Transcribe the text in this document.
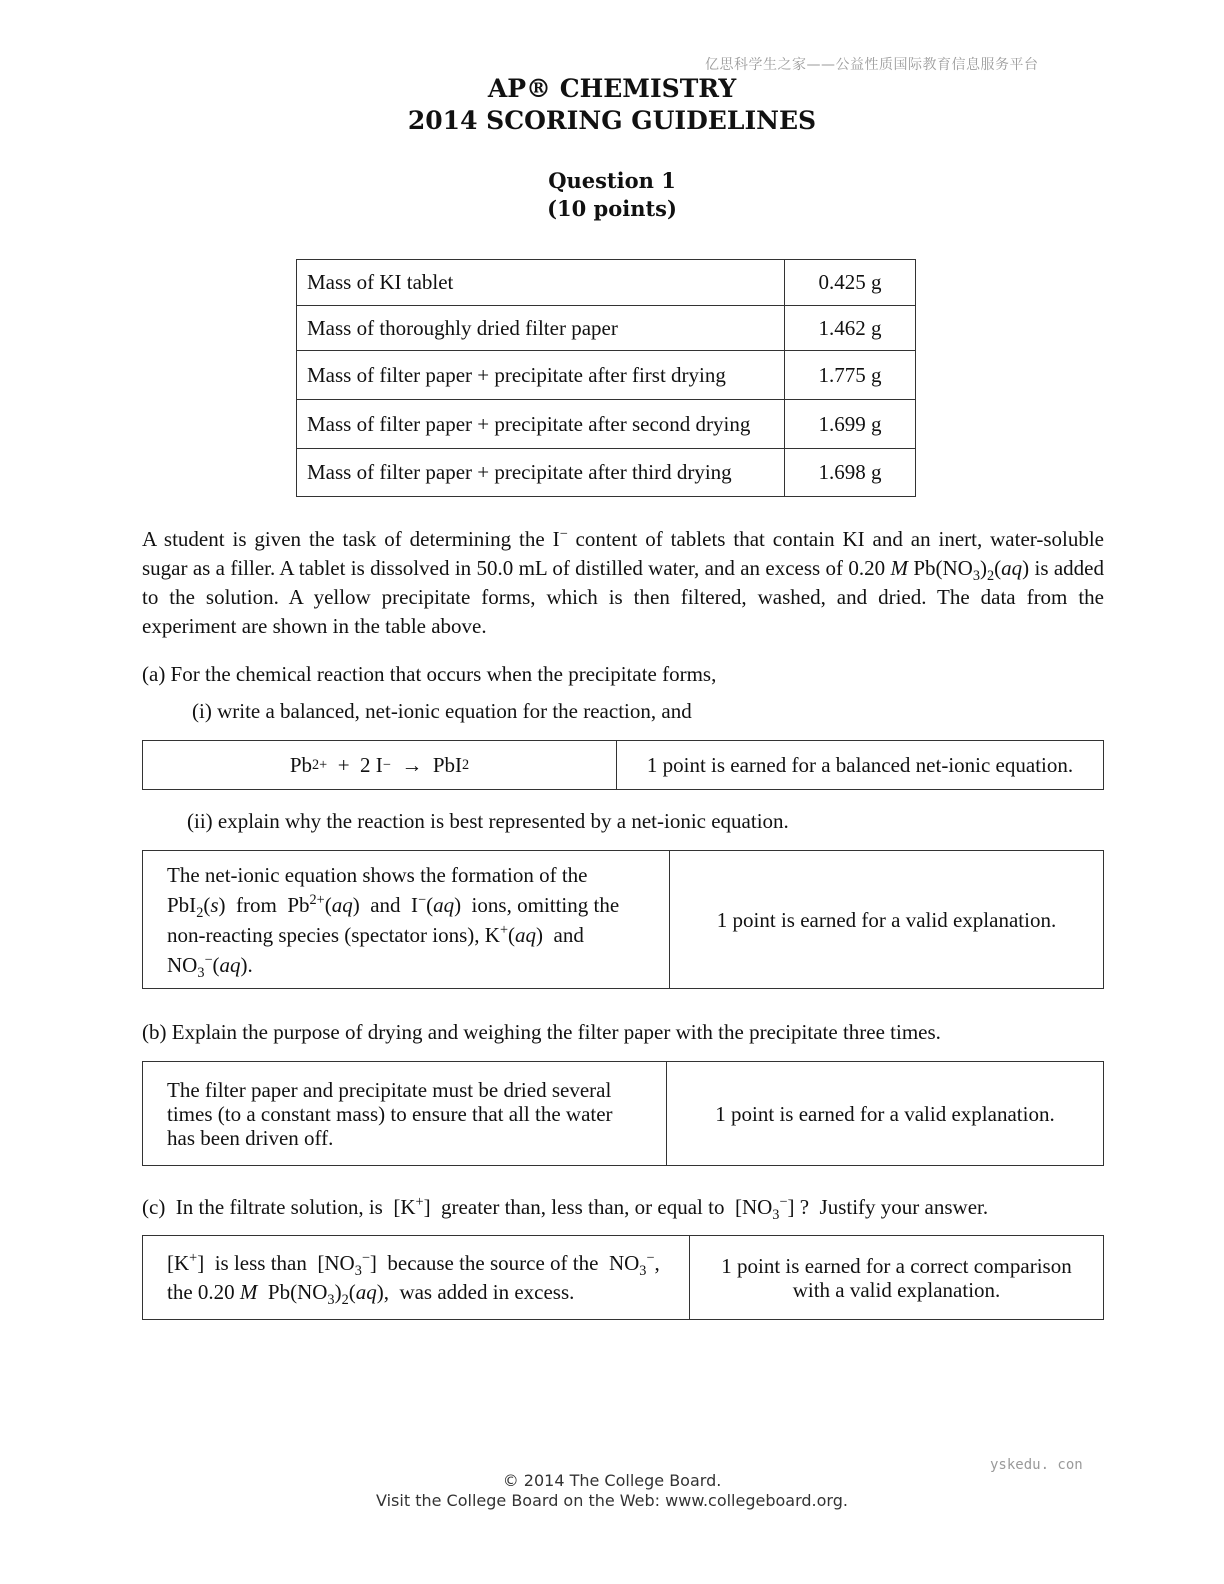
亿思科学生之家——公益性质国际教育信息服务平台
AP® CHEMISTRY
2014 SCORING GUIDELINES
Question 1
(10 points)
Mass of KI tablet	0.425 g
Mass of thoroughly dried filter paper	1.462 g
Mass of filter paper + precipitate after first drying	1.775 g
Mass of filter paper + precipitate after second drying	1.699 g
Mass of filter paper + precipitate after third drying	1.698 g
A student is given the task of determining the I− content of tablets that contain KI and an inert, water-soluble sugar as a filler. A tablet is dissolved in 50.0 mL of distilled water, and an excess of 0.20 M $Pb(NO_3)_2(aq)$ is added to the solution. A yellow precipitate forms, which is then filtered, washed, and dried. The data from the experiment are shown in the table above.
(a) For the chemical reaction that occurs when the precipitate forms,
(i) write a balanced, net-ionic equation for the reaction, and
Pb 2+ +  2 I − →  PbI 2	1 point is earned for a balanced net-ionic equation.
(ii) explain why the reaction is best represented by a net-ionic equation.
The net-ionic equation shows the formation of the
PbI$_2$(s)  from  $Pb^{2+}(aq)$  and  I−(aq)  ions, omitting the
non-reacting species (spectator ions), K+(aq)  and
$NO_3^-(aq)$.
1 point is earned for a valid explanation.
(b) Explain the purpose of drying and weighing the filter paper with the precipitate three times.
The filter paper and precipitate must be dried several times (to a constant mass) to ensure that all the water has been driven off.
1 point is earned for a valid explanation.
(c)  In the filtrate solution, is  [K+]  greater than, less than, or equal to  $[NO_3^-]$ ?  Justify your answer.
[K+]  is less than  $[NO_3^-]$  because the source of the  $NO_3^-$,
the 0.20 M  $Pb(NO_3)_2(aq)$,  was added in excess.
1 point is earned for a correct comparison with a valid explanation.
yskedu. con
© 2014 The College Board.
Visit the College Board on the Web: www.collegeboard.org.
